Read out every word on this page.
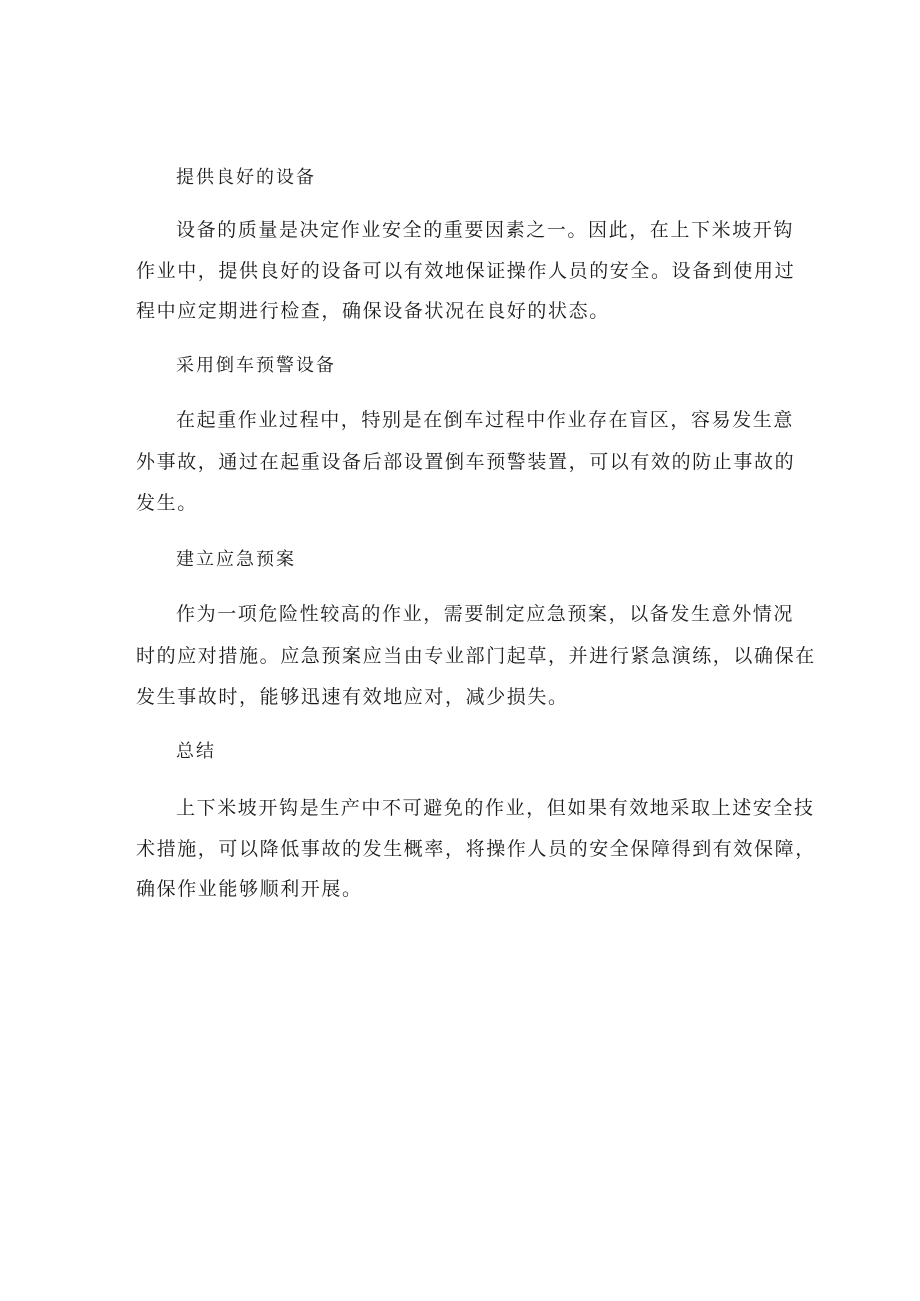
提供良好的设备
设备的质量是决定作业安全的重要因素之一。因此，在上下米坡开钩
作业中，提供良好的设备可以有效地保证操作人员的安全。设备到使用过
程中应定期进行检查，确保设备状况在良好的状态。
采用倒车预警设备
在起重作业过程中，特别是在倒车过程中作业存在盲区，容易发生意
外事故，通过在起重设备后部设置倒车预警装置，可以有效的防止事故的
发生。
建立应急预案
作为一项危险性较高的作业，需要制定应急预案，以备发生意外情况
时的应对措施。应急预案应当由专业部门起草，并进行紧急演练，以确保在
发生事故时，能够迅速有效地应对，减少损失。
总结
上下米坡开钩是生产中不可避免的作业，但如果有效地采取上述安全技
术措施，可以降低事故的发生概率，将操作人员的安全保障得到有效保障，
确保作业能够顺利开展。
